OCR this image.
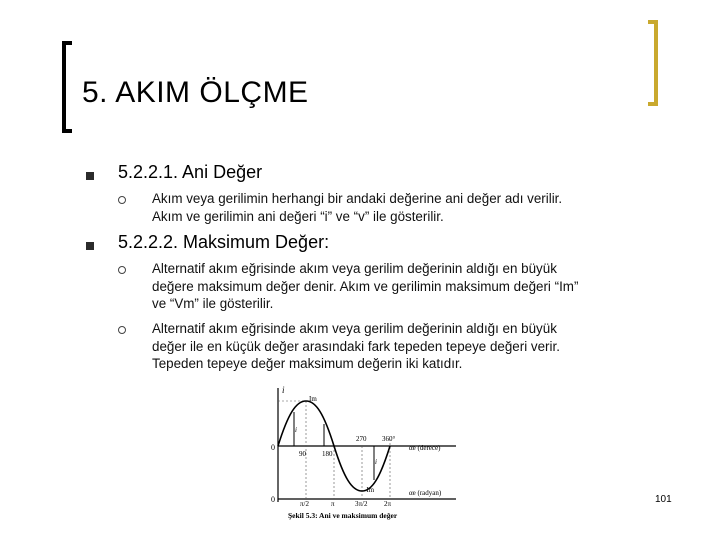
5. AKIM ÖLÇME
5.2.2.1. Ani Değer
Akım veya gerilimin herhangi bir andaki değerine ani değer adı verilir.
Akım ve gerilimin ani değeri “i” ve “v” ile gösterilir.
5.2.2.2. Maksimum Değer:
Alternatif akım eğrisinde akım veya gerilim değerinin aldığı en büyük
değere maksimum değer denir. Akım ve gerilimin maksimum değeri “Im”
ve “Vm” ile gösterilir.
Alternatif akım eğrisinde akım veya gerilim değerinin aldığı en büyük
değer ile en küçük değer arasındaki fark tepeden tepeye değeri verir.
Tepeden tepeye değer maksimum değerin iki katıdır.
i
0
0
i
i
Im
-Im
90 180
270 360°
αe (derece)
π/2	π	3π/2 2π
αe (radyan)
Şekil 5.3: Ani ve maksimum değer
101
